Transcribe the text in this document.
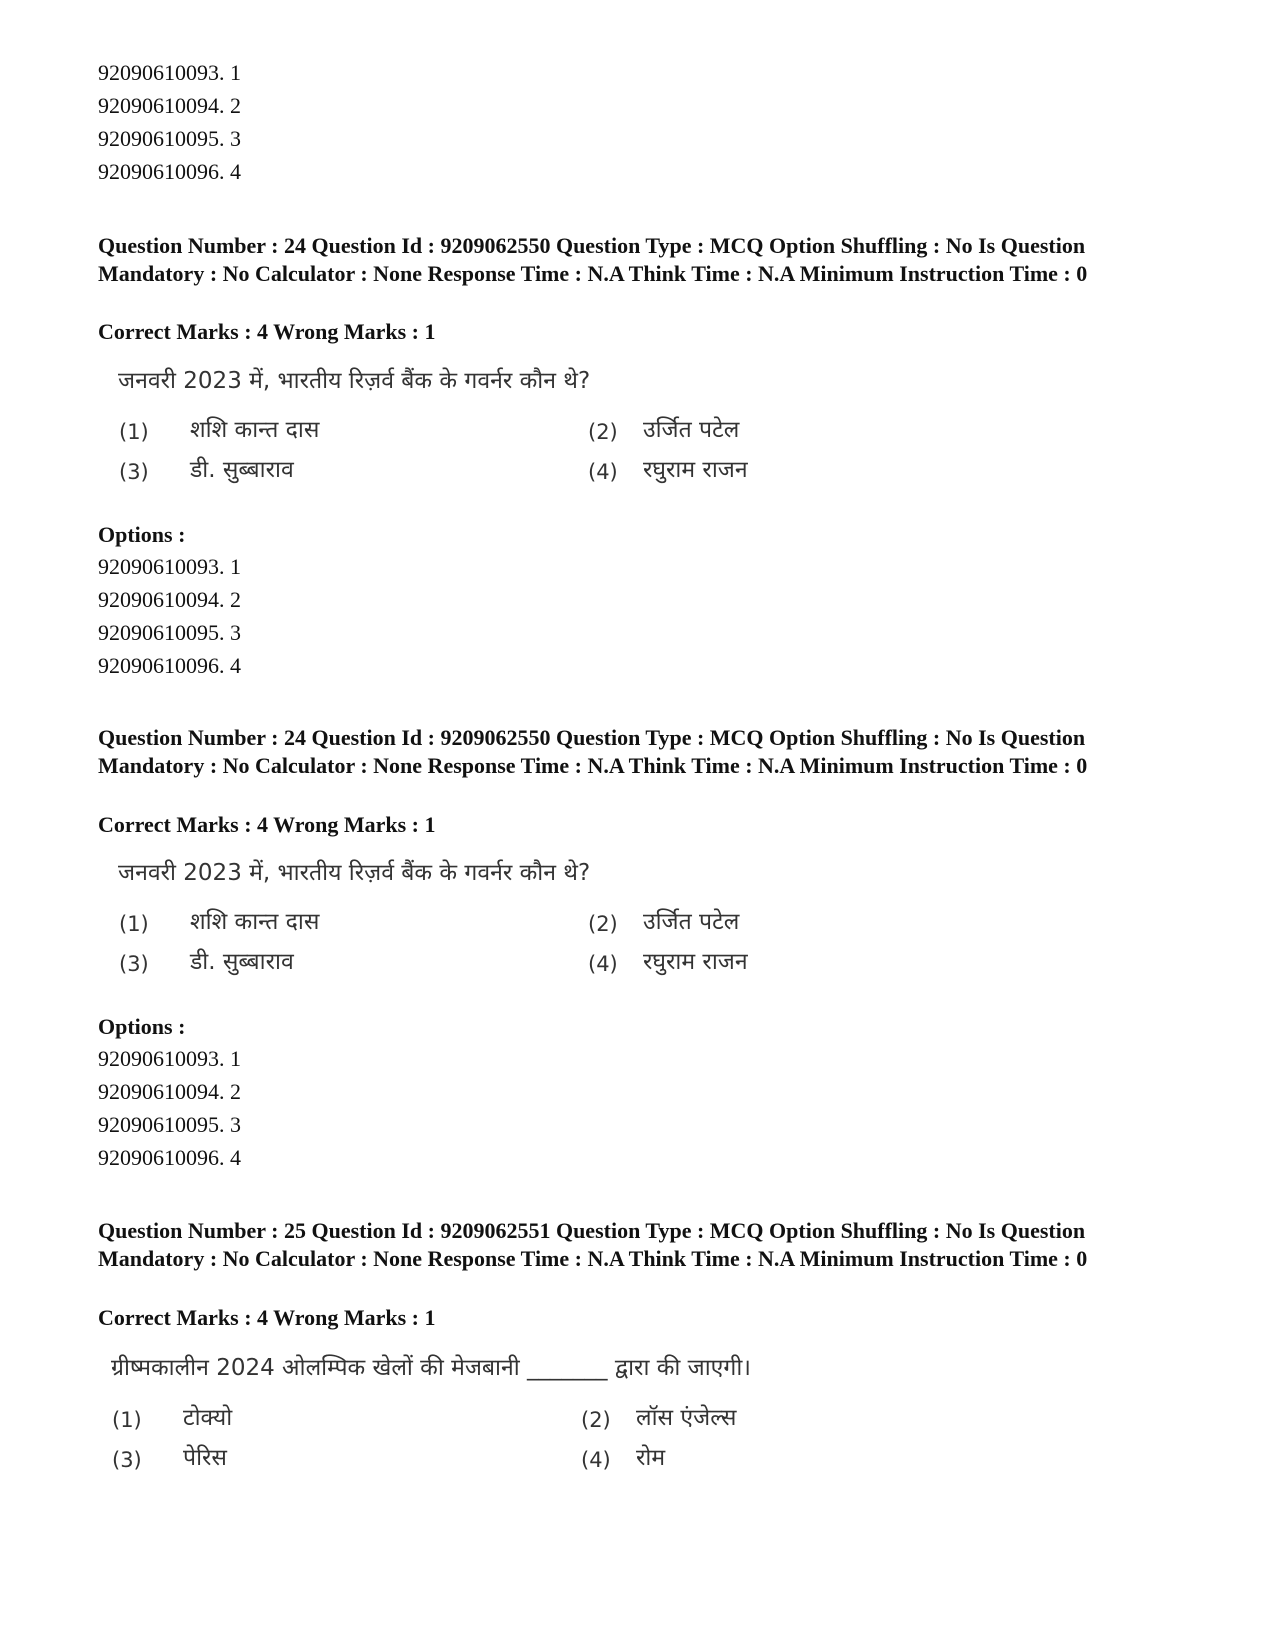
92090610093. 1
92090610094. 2
92090610095. 3
92090610096. 4
Question Number : 24 Question Id : 9209062550 Question Type : MCQ Option Shuffling : No Is Question Mandatory : No Calculator : None Response Time : N.A Think Time : N.A Minimum Instruction Time : 0
Correct Marks : 4 Wrong Marks : 1
जनवरी 2023 में, भारतीय रिज़र्व बैंक के गवर्नर कौन थे?
(1) शशि कान्त दास	(2) उर्जित पटेल
(3) डी. सुब्बाराव	(4) रघुराम राजन
Options :
92090610093. 1
92090610094. 2
92090610095. 3
92090610096. 4
Question Number : 24 Question Id : 9209062550 Question Type : MCQ Option Shuffling : No Is Question Mandatory : No Calculator : None Response Time : N.A Think Time : N.A Minimum Instruction Time : 0
Correct Marks : 4 Wrong Marks : 1
जनवरी 2023 में, भारतीय रिज़र्व बैंक के गवर्नर कौन थे?
(1) शशि कान्त दास	(2) उर्जित पटेल
(3) डी. सुब्बाराव	(4) रघुराम राजन
Options :
92090610093. 1
92090610094. 2
92090610095. 3
92090610096. 4
Question Number : 25 Question Id : 9209062551 Question Type : MCQ Option Shuffling : No Is Question Mandatory : No Calculator : None Response Time : N.A Think Time : N.A Minimum Instruction Time : 0
Correct Marks : 4 Wrong Marks : 1
ग्रीष्मकालीन 2024 ओलम्पिक खेलों की मेजबानी _______ द्वारा की जाएगी।
(1) टोक्यो	(2) लॉस एंजेल्स
(3) पेरिस	(4) रोम
